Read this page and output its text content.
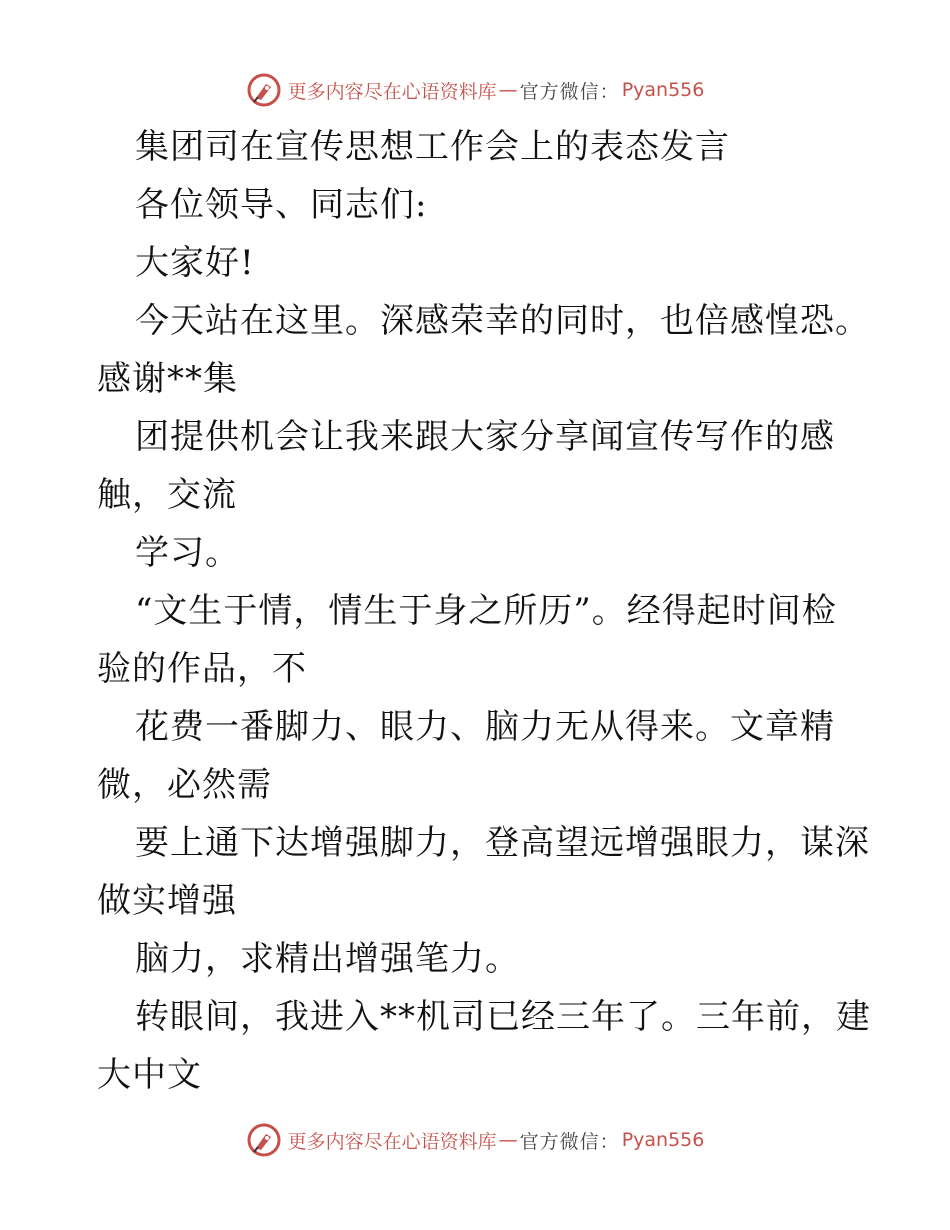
更多内容尽在心语资料库 — 官方微信： Pyan556
集团司在宣传思想工作会上的表态发言
各位领导、同志们:
大家好!
今天站在这里。深感荣幸的同时，也倍感惶恐。
感谢**集
团提供机会让我来跟大家分享闻宣传写作的感
触，交流
学习。
“文生于情，情生于身之所历”。经得起时间检
验的作品，不
花费一番脚力、眼力、脑力无从得来。文章精
微，必然需
要上通下达增强脚力，登高望远增强眼力，谋深
做实增强
脑力，求精出增强笔力。
转眼间，我进入**机司已经三年了。三年前，建
大中文
更多内容尽在心语资料库 — 官方微信： Pyan556
